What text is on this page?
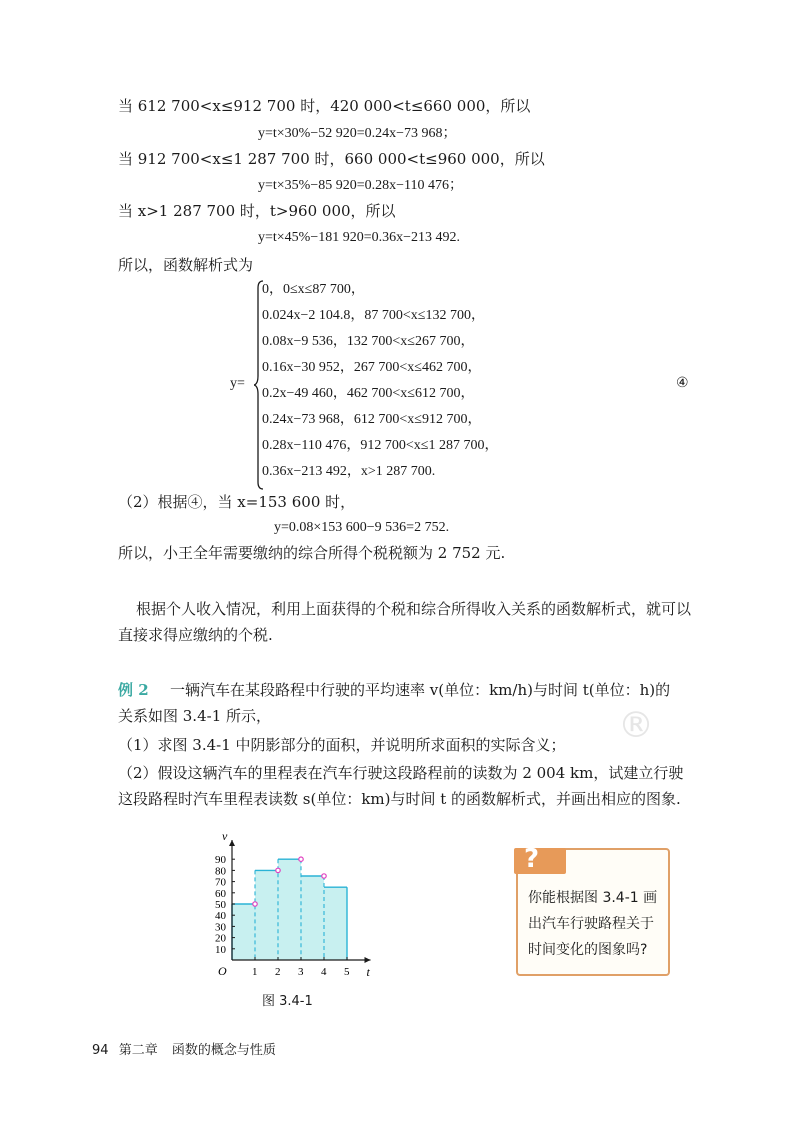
当 612 700<x≤912 700 时，420 000<t≤660 000，所以
y=t×30%−52 920=0.24x−73 968；
当 912 700<x≤1 287 700 时，660 000<t≤960 000，所以
y=t×35%−85 920=0.28x−110 476；
当 x>1 287 700 时，t>960 000，所以
y=t×45%−181 920=0.36x−213 492.
所以，函数解析式为
y=
0，0≤x≤87 700，
0.024x−2 104.8，87 700<x≤132 700，
0.08x−9 536，132 700<x≤267 700，
0.16x−30 952，267 700<x≤462 700，
0.2x−49 460，462 700<x≤612 700，
0.24x−73 968，612 700<x≤912 700，
0.28x−110 476，912 700<x≤1 287 700，
0.36x−213 492，x>1 287 700.
④
（2）根据④，当 x=153 600 时，
y=0.08×153 600−9 536=2 752.
所以，小王全年需要缴纳的综合所得个税税额为 2 752 元.
根据个人收入情况，利用上面获得的个税和综合所得收入关系的函数解析式，就可以
直接求得应缴纳的个税.
®
例 2 一辆汽车在某段路程中行驶的平均速率 v(单位：km/h)与时间 t(单位：h)的
关系如图 3.4-1 所示，
（1）求图 3.4-1 中阴影部分的面积，并说明所求面积的实际含义；
（2）假设这辆汽车的里程表在汽车行驶这段路程前的读数为 2 004 km，试建立行驶
这段路程时汽车里程表读数 s(单位：km)与时间 t 的函数解析式，并画出相应的图象.
t
v
O 1 2 3 4 5
10
20
30
40
50
60
70
80
90
图 3.4-1
?
你能根据图 3.4-1 画出汽车行驶路程关于时间变化的图象吗?
94 第二章 函数的概念与性质
